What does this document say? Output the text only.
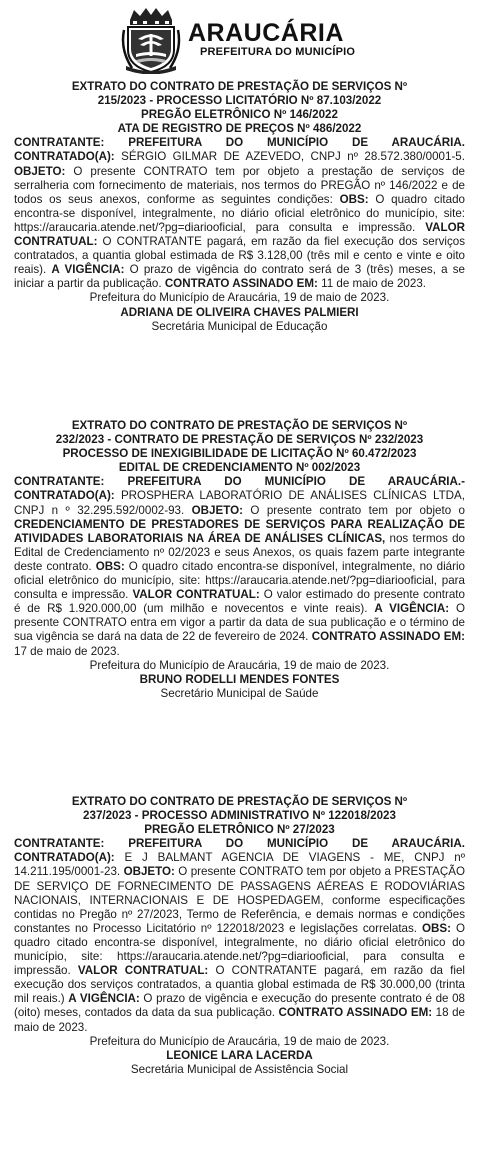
ARAUCÁRIA
PREFEITURA DO MUNICÍPIO
EXTRATO DO CONTRATO DE PRESTAÇÃO DE SERVIÇOS Nº
215/2023 - PROCESSO LICITATÓRIO Nº 87.103/2022
PREGÃO ELETRÔNICO Nº 146/2022
ATA DE REGISTRO DE PREÇOS Nº 486/2022

CONTRATANTE: PREFEITURA DO MUNICÍPIO DE ARAUCÁRIA. CONTRATADO(A): SÉRGIO GILMAR DE AZEVEDO, CNPJ nº 28.572.380/0001-5. OBJETO: O presente CONTRATO tem por objeto a prestação de serviços de serralheria com fornecimento de materiais, nos termos do PREGÃO nº 146/2022 e de todos os seus anexos, conforme as seguintes condições: OBS: O quadro citado encontra-se disponível, integralmente, no diário oficial eletrônico do município, site: https://araucaria.atende.net/?pg=diariooficial, para consulta e impressão. VALOR CONTRATUAL: O CONTRATANTE pagará, em razão da fiel execução dos serviços contratados, a quantia global estimada de R$ 3.128,00 (três mil e cento e vinte e oito reais). A VIGÊNCIA: O prazo de vigência do contrato será de 3 (três) meses, a se iniciar a partir da publicação. CONTRATO ASSINADO EM: 11 de maio de 2023.

Prefeitura do Município de Araucária, 19 de maio de 2023.

ADRIANA DE OLIVEIRA CHAVES PALMIERI

Secretária Municipal de Educação

EXTRATO DO CONTRATO DE PRESTAÇÃO DE SERVIÇOS Nº
232/2023 - CONTRATO DE PRESTAÇÃO DE SERVIÇOS Nº 232/2023
PROCESSO DE INEXIGIBILIDADE DE LICITAÇÃO Nº 60.472/2023
EDITAL DE CREDENCIAMENTO Nº 002/2023

CONTRATANTE: PREFEITURA DO MUNICÍPIO DE ARAUCÁRIA.- CONTRATADO(A): PROSPHERA LABORATÓRIO DE ANÁLISES CLÍNICAS LTDA, CNPJ n º 32.295.592/0002-93. OBJETO: O presente contrato tem por objeto o CREDENCIAMENTO DE PRESTADORES DE SERVIÇOS PARA REALIZAÇÃO DE ATIVIDADES LABORATORIAIS NA ÁREA DE ANÁLISES CLÍNICAS, nos termos do Edital de Credenciamento nº 02/2023 e seus Anexos, os quais fazem parte integrante deste contrato. OBS: O quadro citado encontra-se disponível, integralmente, no diário oficial eletrônico do município, site: https://araucaria.atende.net/?pg=diariooficial, para consulta e impressão. VALOR CONTRATUAL: O valor estimado do presente contrato é de R$ 1.920.000,00 (um milhão e novecentos e vinte reais). A VIGÊNCIA: O presente CONTRATO entra em vigor a partir da data de sua publicação e o término de sua vigência se dará na data de 22 de fevereiro de 2024. CONTRATO ASSINADO EM: 17 de maio de 2023.

Prefeitura do Município de Araucária, 19 de maio de 2023.

BRUNO RODELLI MENDES FONTES

Secretário Municipal de Saúde

EXTRATO DO CONTRATO DE PRESTAÇÃO DE SERVIÇOS Nº
237/2023 - PROCESSO ADMINISTRATIVO Nº 122018/2023
PREGÃO ELETRÔNICO Nº 27/2023

CONTRATANTE: PREFEITURA DO MUNICÍPIO DE ARAUCÁRIA. CONTRATADO(A): E J BALMANT AGENCIA DE VIAGENS - ME, CNPJ nº 14.211.195/0001-23. OBJETO: O presente CONTRATO tem por objeto a PRESTAÇÃO DE SERVIÇO DE FORNECIMENTO DE PASSAGENS AÉREAS E RODOVIÁRIAS NACIONAIS, INTERNACIONAIS E DE HOSPEDAGEM, conforme especificações contidas no Pregão nº 27/2023, Termo de Referência, e demais normas e condições constantes no Processo Licitatório nº 122018/2023 e legislações correlatas. OBS: O quadro citado encontra-se disponível, integralmente, no diário oficial eletrônico do município, site: https://araucaria.atende.net/?pg=diariooficial, para consulta e impressão. VALOR CONTRATUAL: O CONTRATANTE pagará, em razão da fiel execução dos serviços contratados, a quantia global estimada de R$ 30.000,00 (trinta mil reais.) A VIGÊNCIA: O prazo de vigência e execução do presente contrato é de 08 (oito) meses, contados da data da sua publicação. CONTRATO ASSINADO EM: 18 de maio de 2023.

Prefeitura do Município de Araucária, 19 de maio de 2023.

LEONICE LARA LACERDA

Secretária Municipal de Assistência Social
